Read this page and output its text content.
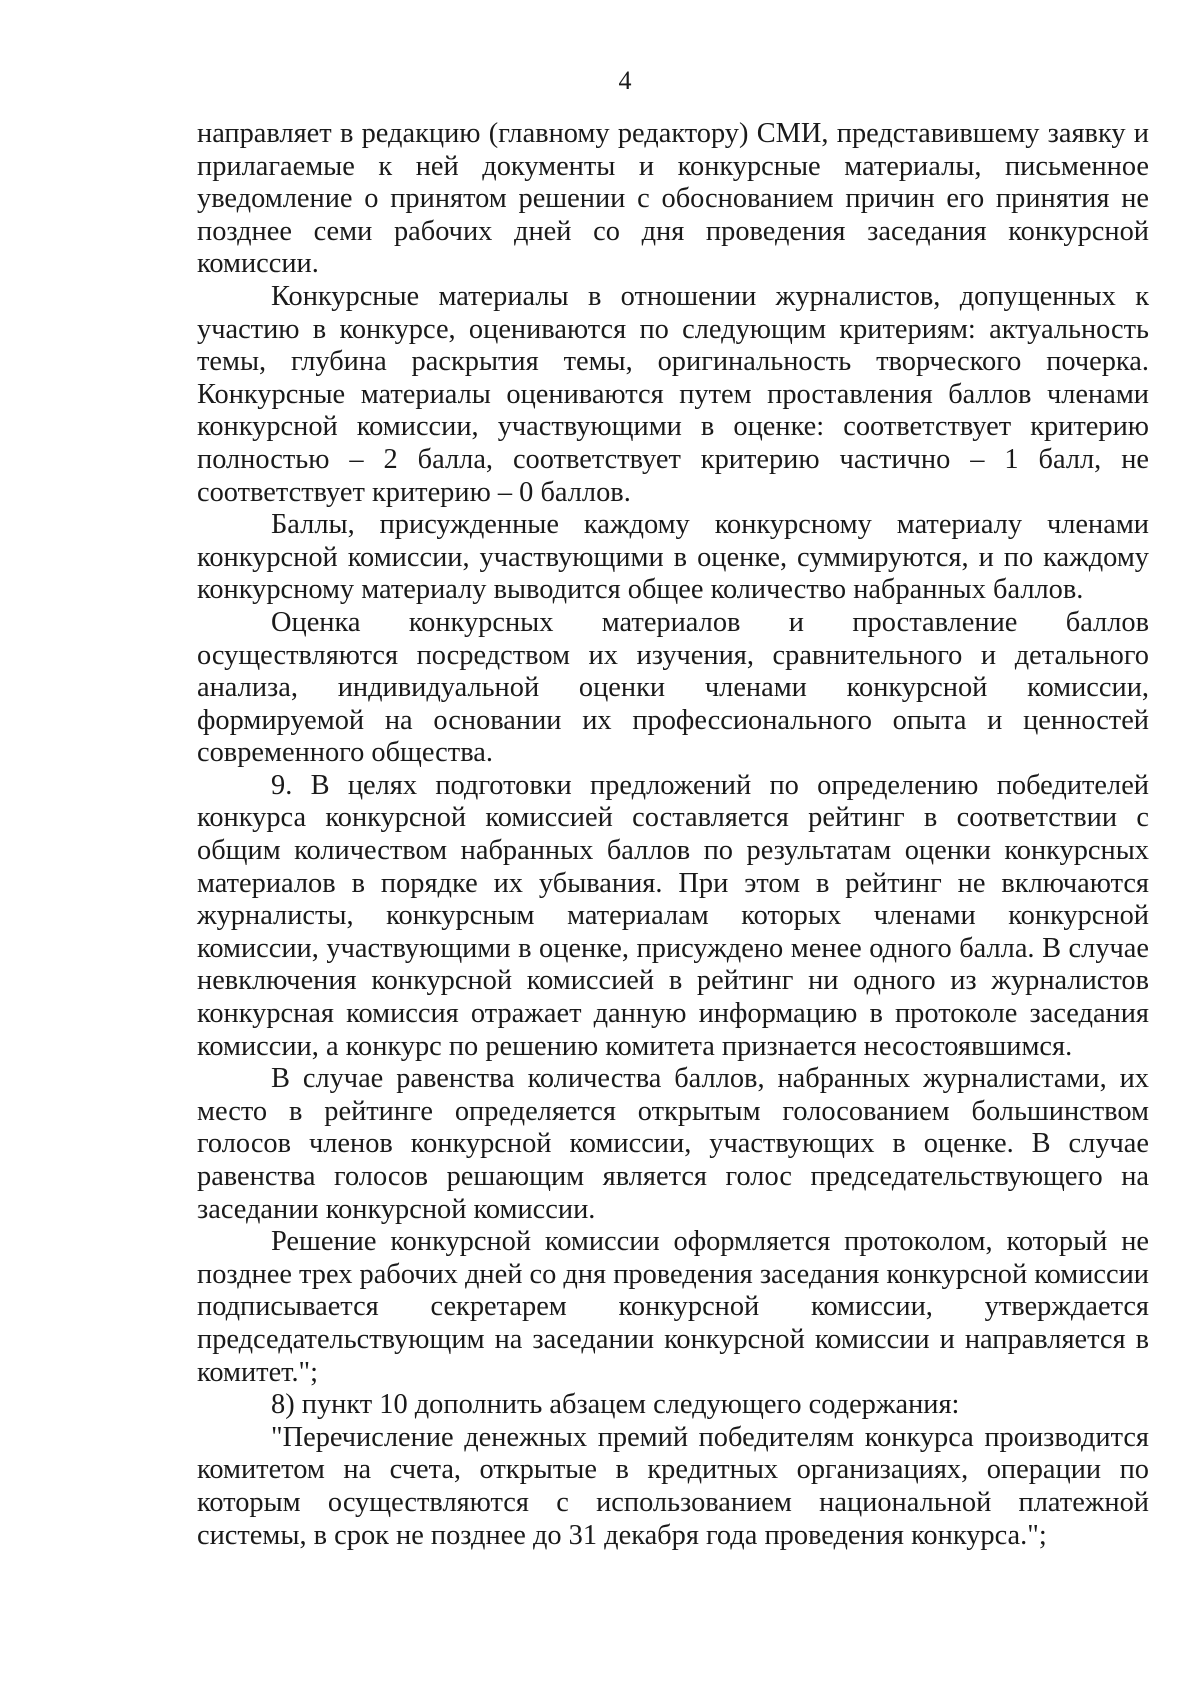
4

направляет в редакцию (главному редактору) СМИ, представившему заявку и прилагаемые к ней документы и конкурсные материалы, письменное уведомление о принятом решении с обоснованием причин его принятия не позднее семи рабочих дней со дня проведения заседания конкурсной комиссии.

Конкурсные материалы в отношении журналистов, допущенных к участию в конкурсе, оцениваются по следующим критериям: актуальность темы, глубина раскрытия темы, оригинальность творческого почерка. Конкурсные материалы оцениваются путем проставления баллов членами конкурсной комиссии, участвующими в оценке: соответствует критерию полностью – 2 балла, соответствует критерию частично – 1 балл, не соответствует критерию – 0 баллов.

Баллы, присужденные каждому конкурсному материалу членами конкурсной комиссии, участвующими в оценке, суммируются, и по каждому конкурсному материалу выводится общее количество набранных баллов.

Оценка конкурсных материалов и проставление баллов осуществляются посредством их изучения, сравнительного и детального анализа, индивидуальной оценки членами конкурсной комиссии, формируемой на основании их профессионального опыта и ценностей современного общества.

9. В целях подготовки предложений по определению победителей конкурса конкурсной комиссией составляется рейтинг в соответствии с общим количеством набранных баллов по результатам оценки конкурсных материалов в порядке их убывания. При этом в рейтинг не включаются журналисты, конкурсным материалам которых членами конкурсной комиссии, участвующими в оценке, присуждено менее одного балла. В случае невключения конкурсной комиссией в рейтинг ни одного из журналистов конкурсная комиссия отражает данную информацию в протоколе заседания комиссии, а конкурс по решению комитета признается несостоявшимся.

В случае равенства количества баллов, набранных журналистами, их место в рейтинге определяется открытым голосованием большинством голосов членов конкурсной комиссии, участвующих в оценке. В случае равенства голосов решающим является голос председательствующего на заседании конкурсной комиссии.

Решение конкурсной комиссии оформляется протоколом, который не позднее трех рабочих дней со дня проведения заседания конкурсной комиссии подписывается секретарем конкурсной комиссии, утверждается председательствующим на заседании конкурсной комиссии и направляется в комитет.";

8) пункт 10 дополнить абзацем следующего содержания:

"Перечисление денежных премий победителям конкурса производится комитетом на счета, открытые в кредитных организациях, операции по которым осуществляются с использованием национальной платежной системы, в срок не позднее до 31 декабря года проведения конкурса.";
